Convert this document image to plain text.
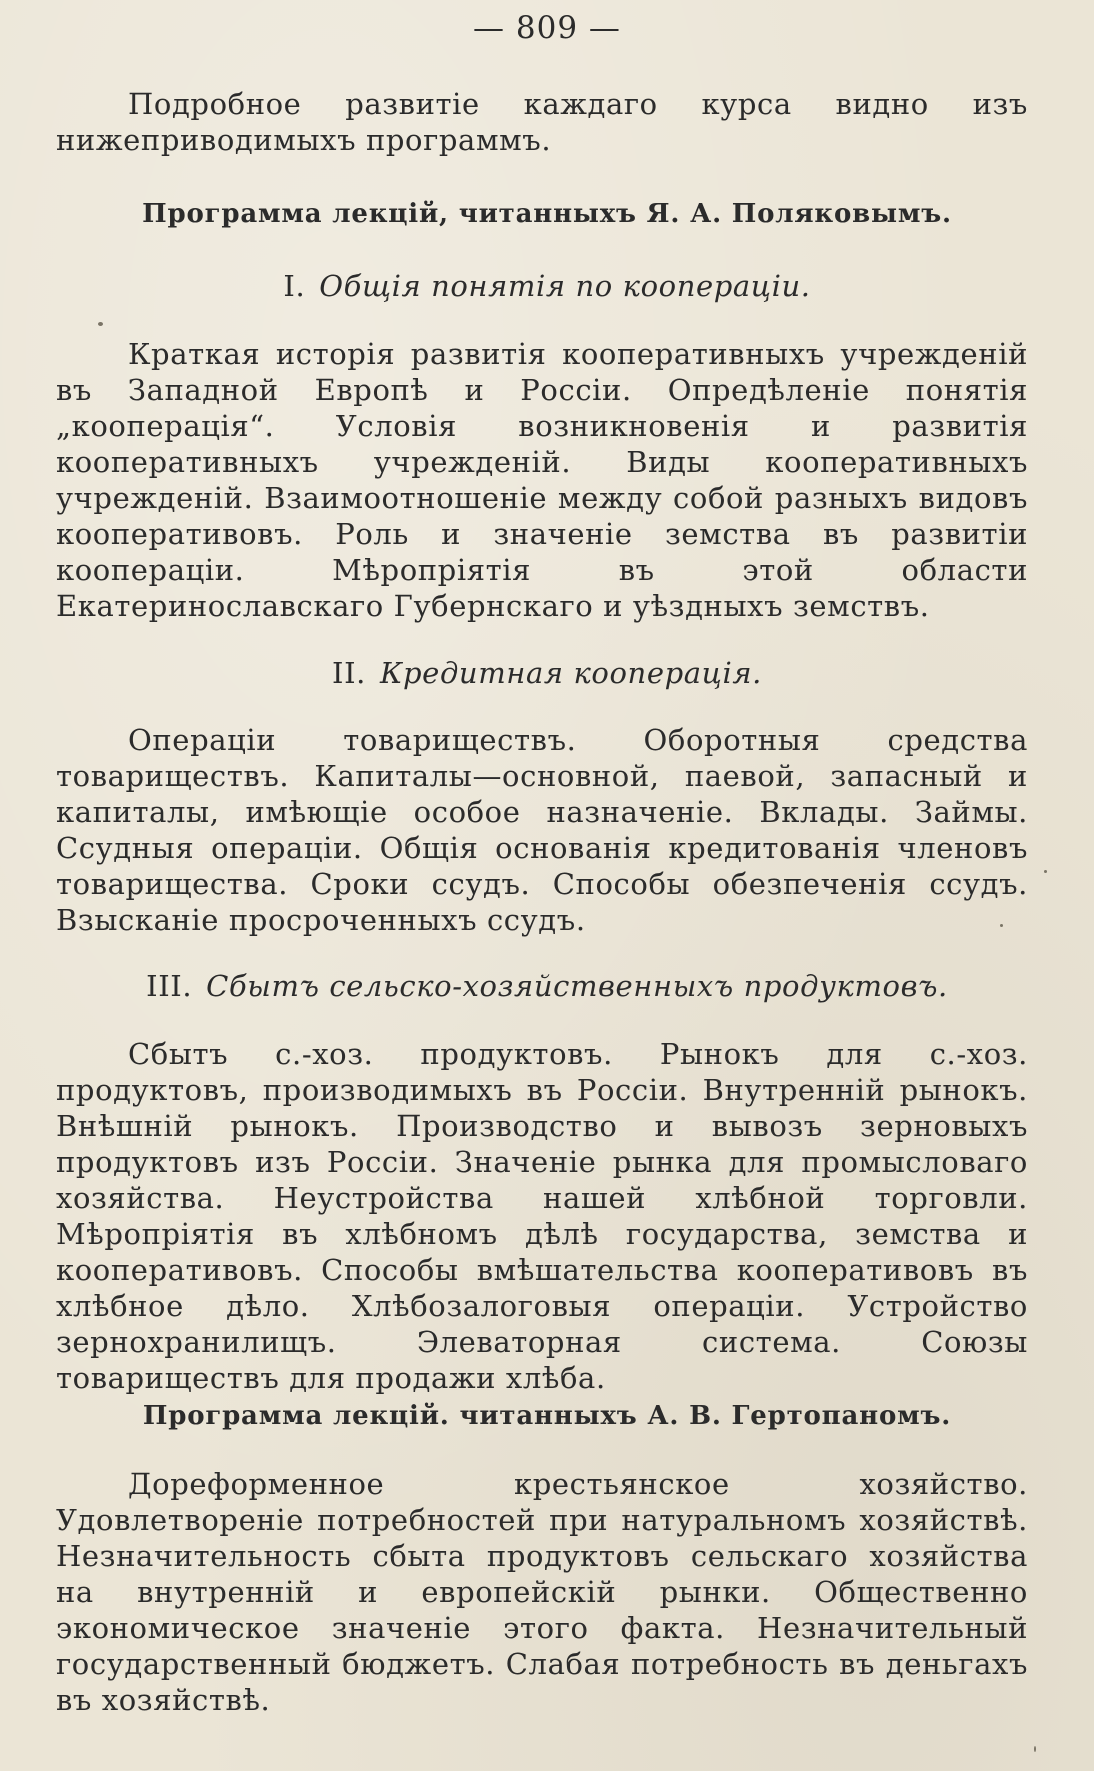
— 809 —
Подробное развитіе каждаго курса видно изъ нижеприводимыхъ программъ.
Программа лекцій, читанныхъ Я. А. Поляковымъ.
I. Общія понятія по кооперацiи.
Краткая исторія развитія кооперативныхъ учрежденій въ Западной Европѣ и Россіи. Опредѣленіе понятія „кооперація“. Условія возникновенія и развитія кооперативныхъ учрежденій. Виды кооперативныхъ учрежденій. Взаимоотношеніе между собой разныхъ видовъ кооперативовъ. Роль и значеніе земства въ развитіи коопераціи. Мѣропріятія въ этой области Екатеринославскаго Губернскаго и уѣздныхъ земствъ.
II. Кредитная кооперація.
Операціи товариществъ. Оборотныя средства товариществъ. Капиталы—основной, паевой, запасный и капиталы, имѣющіе особое назначеніе. Вклады. Займы. Ссудныя операціи. Общія основанія кредитованія членовъ товарищества. Сроки ссудъ. Способы обезпеченія ссудъ. Взысканіе просроченныхъ ссудъ.
III. Сбытъ сельско-хозяйственныхъ продуктовъ.
Сбытъ с.-хоз. продуктовъ. Рынокъ для с.-хоз. продуктовъ, производимыхъ въ Россіи. Внутренній рынокъ. Внѣшній рынокъ. Производство и вывозъ зерновыхъ продуктовъ изъ Россіи. Значеніе рынка для промысловаго хозяйства. Неустройства нашей хлѣбной торговли. Мѣропріятія въ хлѣбномъ дѣлѣ государства, земства и кооперативовъ. Способы вмѣшательства кооперативовъ въ хлѣбное дѣло. Хлѣбозалоговыя операціи. Устройство зернохранилищъ. Элеваторная система. Союзы товариществъ для продажи хлѣба.
Программа лекцій. читанныхъ А. В. Гертопаномъ.
Дореформенное крестьянское хозяйство. Удовлетвореніе потребностей при натуральномъ хозяйствѣ. Незначительность сбыта продуктовъ сельскаго хозяйства на внутренній и европейскій рынки. Общественно экономическое значеніе этого факта. Незначительный государственный бюджетъ. Слабая потребность въ деньгахъ въ хозяйствѣ.
